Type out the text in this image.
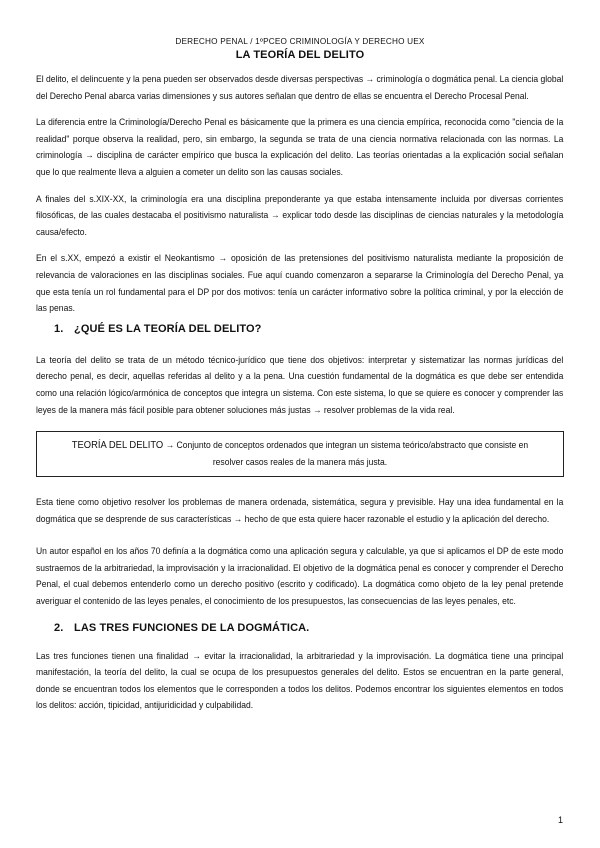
DERECHO PENAL / 1ºPCEO CRIMINOLOGÍA Y DERECHO UEX
LA TEORÍA DEL DELITO

El delito, el delincuente y la pena pueden ser observados desde diversas perspectivas → criminología o dogmática penal. La ciencia global del Derecho Penal abarca varias dimensiones y sus autores señalan que dentro de ellas se encuentra el Derecho Procesal Penal.

La diferencia entre la Criminología/Derecho Penal es básicamente que la primera es una ciencia empírica, reconocida como "ciencia de la realidad" porque observa la realidad, pero, sin embargo, la segunda se trata de una ciencia normativa relacionada con las normas. La criminología → disciplina de carácter empírico que busca la explicación del delito. Las teorías orientadas a la explicación social señalan que lo que realmente lleva a alguien a cometer un delito son las causas sociales.

A finales del s.XIX-XX, la criminología era una disciplina preponderante ya que estaba intensamente incluida por diversas corrientes filosóficas, de las cuales destacaba el positivismo naturalista → explicar todo desde las disciplinas de ciencias naturales y la metodología causa/efecto.

En el s.XX, empezó a existir el Neokantismo → oposición de las pretensiones del positivismo naturalista mediante la proposición de relevancia de valoraciones en las disciplinas sociales. Fue aquí cuando comenzaron a separarse la Criminología del Derecho Penal, ya que esta tenía un rol fundamental para el DP por dos motivos: tenía un carácter informativo sobre la política criminal, y por la elección de las penas.

1. ¿QUÉ ES LA TEORÍA DEL DELITO?

La teoría del delito se trata de un método técnico-jurídico que tiene dos objetivos: interpretar y sistematizar las normas jurídicas del derecho penal, es decir, aquellas referidas al delito y a la pena. Una cuestión fundamental de la dogmática es que debe ser entendida como una relación lógico/armónica de conceptos que integra un sistema. Con este sistema, lo que se quiere es conocer y comprender las leyes de la manera más fácil posible para obtener soluciones más justas → resolver problemas de la vida real.

TEORÍA DEL DELITO → Conjunto de conceptos ordenados que integran un sistema teórico/abstracto que consiste en resolver casos reales de la manera más justa.

Esta tiene como objetivo resolver los problemas de manera ordenada, sistemática, segura y previsible. Hay una idea fundamental en la dogmática que se desprende de sus características → hecho de que esta quiere hacer razonable el estudio y la aplicación del derecho.

Un autor español en los años 70 definía a la dogmática como una aplicación segura y calculable, ya que si aplicamos el DP de este modo sustraemos de la arbitrariedad, la improvisación y la irracionalidad. El objetivo de la dogmática penal es conocer y comprender el Derecho Penal, el cual debemos entenderlo como un derecho positivo (escrito y codificado). La dogmática como objeto de la ley penal pretende averiguar el contenido de las leyes penales, el conocimiento de los presupuestos, las consecuencias de las leyes penales, etc.

2. LAS TRES FUNCIONES DE LA DOGMÁTICA.

Las tres funciones tienen una finalidad → evitar la irracionalidad, la arbitrariedad y la improvisación. La dogmática tiene una principal manifestación, la teoría del delito, la cual se ocupa de los presupuestos generales del delito. Estos se encuentran en la parte general, donde se encuentran todos los elementos que le corresponden a todos los delitos. Podemos encontrar los siguientes elementos en todos los delitos: acción, tipicidad, antijuridicidad y culpabilidad.

1
